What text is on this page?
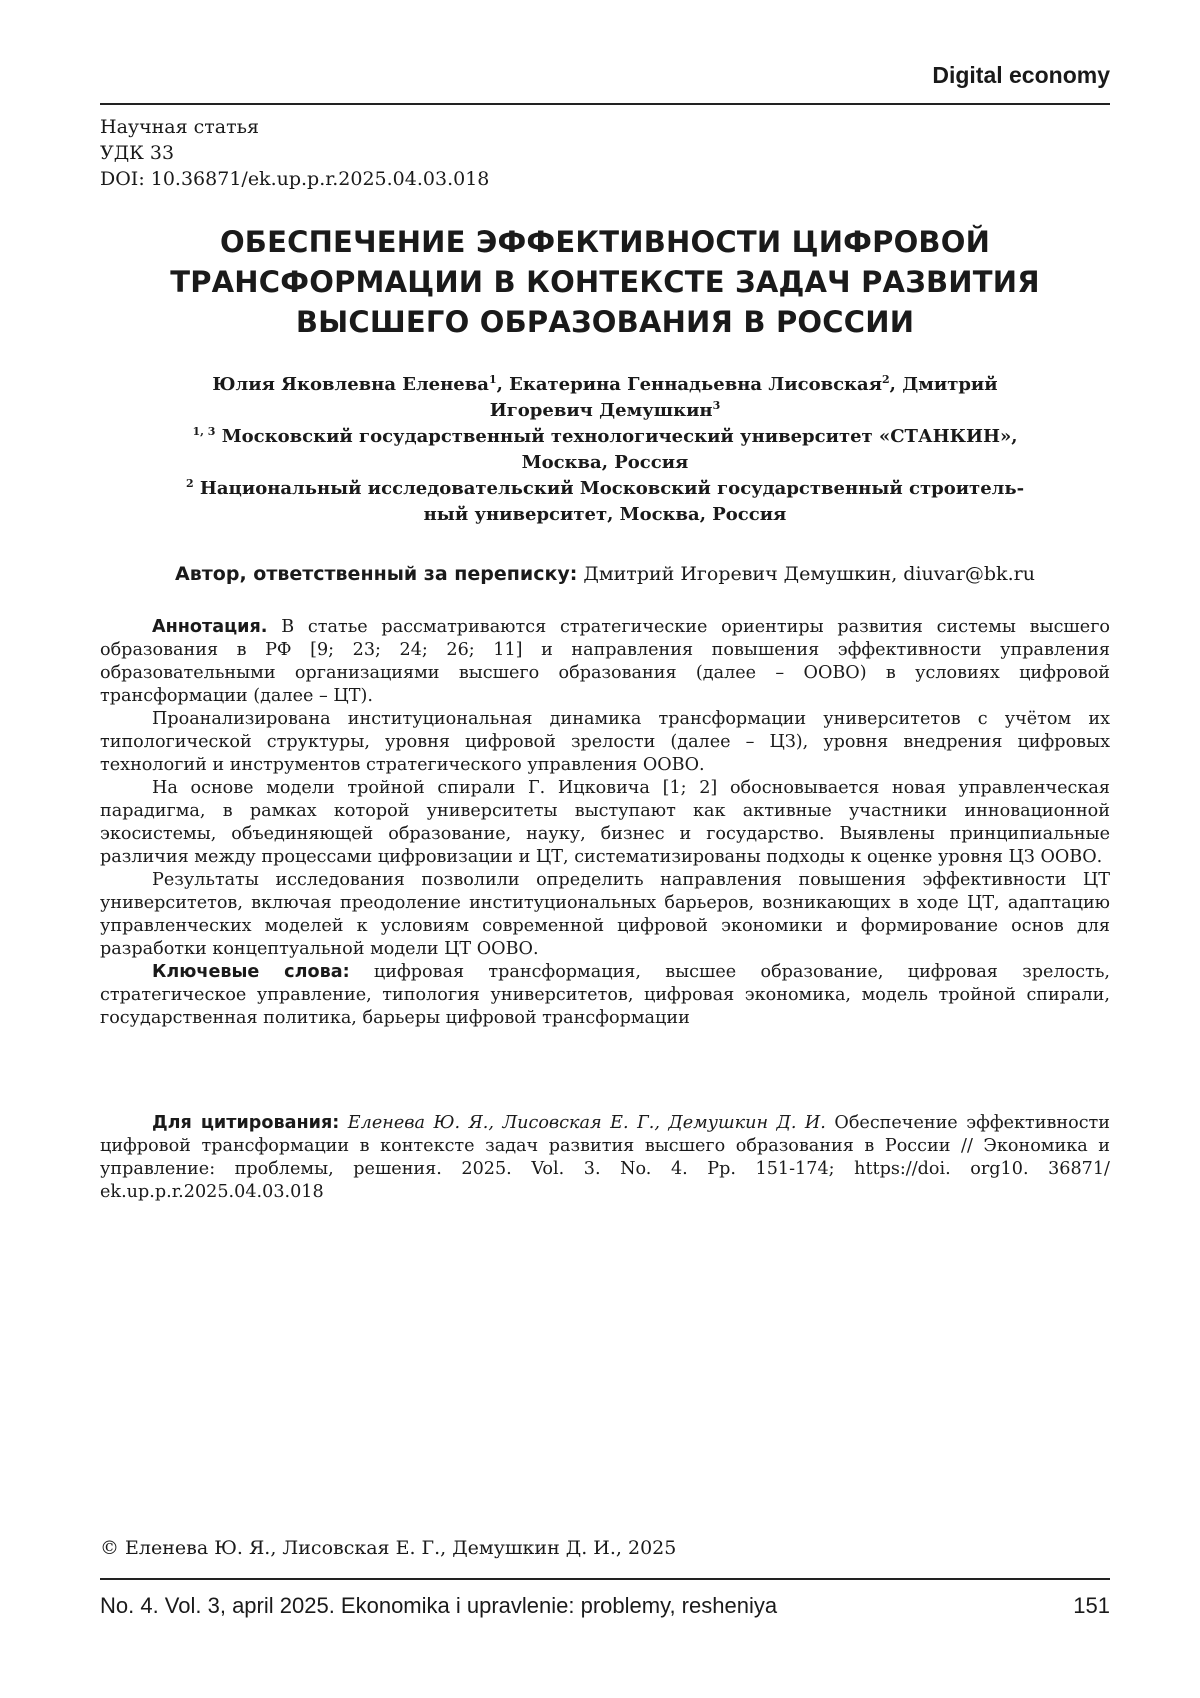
Digital economy
Научная статья
УДК 33
DOI: 10.36871/ek.up.p.r.2025.04.03.018
ОБЕСПЕЧЕНИЕ ЭФФЕКТИВНОСТИ ЦИФРОВОЙ
ТРАНСФОРМАЦИИ В КОНТЕКСТЕ ЗАДАЧ РАЗВИТИЯ
ВЫСШЕГО ОБРАЗОВАНИЯ В РОССИИ
Юлия Яковлевна Еленева1, Екатерина Геннадьевна Лисовская2, Дмитрий
Игоревич Демушкин3
1, 3 Московский государственный технологический университет «СТАНКИН»,
Москва, Россия
2 Национальный исследовательский Московский государственный строитель-
ный университет, Москва, Россия
Автор, ответственный за переписку: Дмитрий Игоревич Демушкин, diuvar@bk.ru

Аннотация. В статье рассматриваются стратегические ориентиры развития системы высшего образования в РФ [9; 23; 24; 26; 11] и направления повышения эффективности управления образовательными организациями высшего образования (далее – ООВО) в условиях цифровой трансформации (далее – ЦТ).

Проанализирована институциональная динамика трансформации университетов с учётом их типологической структуры, уровня цифровой зрелости (далее – ЦЗ), уровня внедрения цифровых технологий и инструментов стратегического управления ООВО.

На основе модели тройной спирали Г. Ицковича [1; 2] обосновывается новая управленческая парадигма, в рамках которой университеты выступают как активные участники инновационной экосистемы, объединяющей образование, науку, бизнес и государство. Выявлены принципиальные различия между процессами цифровизации и ЦТ, систематизированы подходы к оценке уровня ЦЗ ООВО.

Результаты исследования позволили определить направления повышения эффективности ЦТ университетов, включая преодоление институциональных барьеров, возникающих в ходе ЦТ, адаптацию управленческих моделей к условиям современной цифровой экономики и формирование основ для разработки концептуальной модели ЦТ ООВО.

Ключевые слова: цифровая трансформация, высшее образование, цифровая зрелость, стратегическое управление, типология университетов, цифровая экономика, модель тройной спирали, государственная политика, барьеры цифровой трансформации

Для цитирования: Еленева Ю. Я., Лисовская Е. Г., Демушкин Д. И. Обеспечение эффективности цифровой трансформации в контексте задач развития высшего образования в России // Экономика и управление: проблемы, решения. 2025. Vol. 3. No. 4. Pp. 151-174; https://doi. org10. 36871/ ek.up.p.r.2025.04.03.018

© Еленева Ю. Я., Лисовская Е. Г., Демушкин Д. И., 2025
No. 4. Vol. 3, april 2025. Ekonomika i upravlenie: problemy, resheniya	151
